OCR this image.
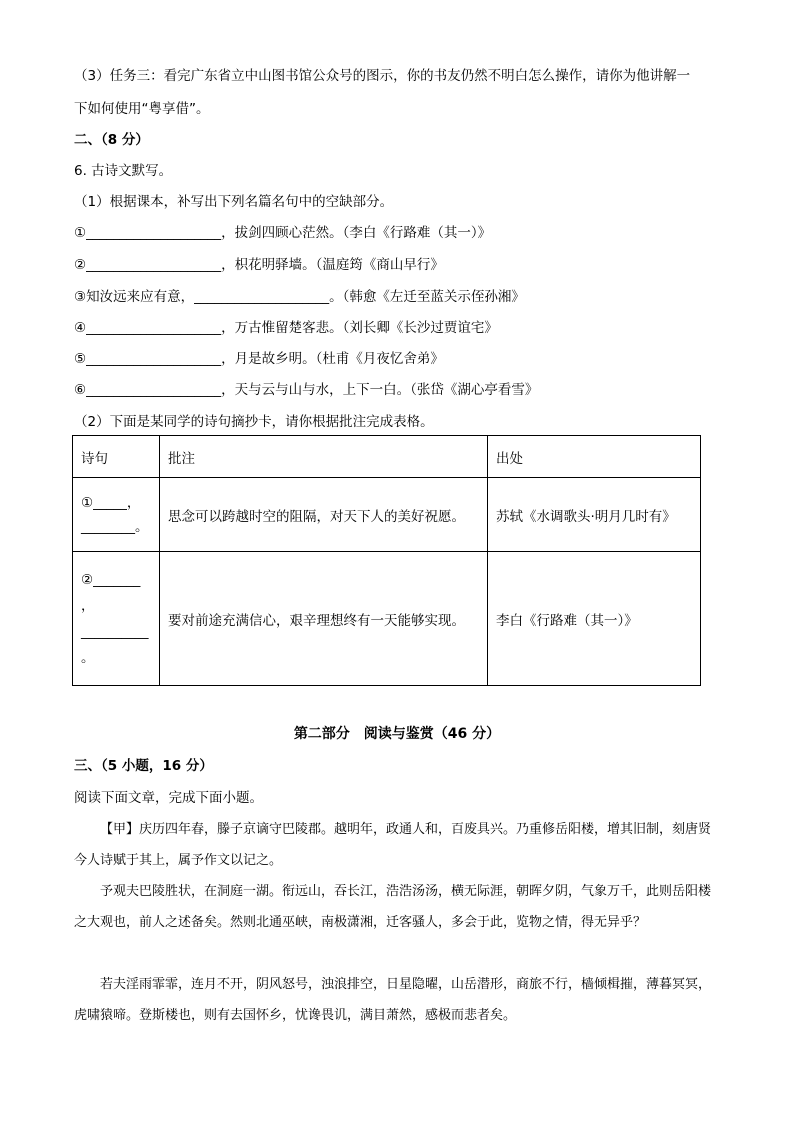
（3）任务三：看完广东省立中山图书馆公众号的图示，你的书友仍然不明白怎么操作，请你为他讲解一
下如何使用“粤享借”。
二、（8 分）
6. 古诗文默写。
（1）根据课本，补写出下列名篇名句中的空缺部分。
①____________________，拔剑四顾心茫然。（李白《行路难（其一）》
②____________________，枳花明驿墙。（温庭筠《商山早行》
③知汝远来应有意，____________________。（韩愈《左迁至蓝关示侄孙湘》
④____________________，万古惟留楚客悲。（刘长卿《长沙过贾谊宅》
⑤____________________，月是故乡明。（杜甫《月夜忆舍弟》
⑥____________________，天与云与山与水，上下一白。（张岱《湖心亭看雪》
（2）下面是某同学的诗句摘抄卡，请你根据批注完成表格。
诗句	批注	出处

①_____，
________。	思念可以跨越时空的阻隔，对天下人的美好祝愿。	苏轼《水调歌头·明月几时有》

②_______
，
__________
。	要对前途充满信心，艰辛理想终有一天能够实现。	李白《行路难（其一）》
第二部分　阅读与鉴赏（46 分）
三、（5 小题，16 分）
阅读下面文章，完成下面小题。
【甲】庆历四年春，滕子京谪守巴陵郡。越明年，政通人和，百废具兴。乃重修岳阳楼，增其旧制，刻唐贤今人诗赋于其上，属予作文以记之。
予观夫巴陵胜状，在洞庭一湖。衔远山，吞长江，浩浩汤汤，横无际涯，朝晖夕阴，气象万千，此则岳阳楼之大观也，前人之述备矣。然则北通巫峡，南极潇湘，迁客骚人，多会于此，览物之情，得无异乎？
若夫淫雨霏霏，连月不开，阴风怒号，浊浪排空，日星隐曜，山岳潜形，商旅不行，樯倾楫摧，薄暮冥冥，虎啸猿啼。登斯楼也，则有去国怀乡，忧谗畏讥，满目萧然，感极而悲者矣。
